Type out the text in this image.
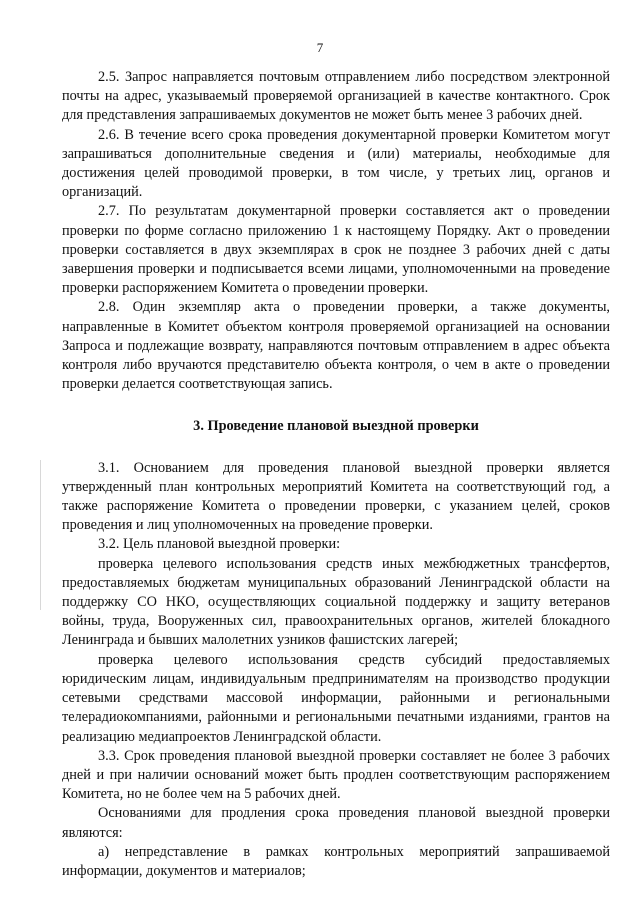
7

2.5. Запрос направляется почтовым отправлением либо посредством электронной почты на адрес, указываемый проверяемой организацией в качестве контактного. Срок для представления запрашиваемых документов не может быть менее 3 рабочих дней.

2.6. В течение всего срока проведения документарной проверки Комитетом могут запрашиваться дополнительные сведения и (или) материалы, необходимые для достижения целей проводимой проверки, в том числе, у третьих лиц, органов и организаций.

2.7. По результатам документарной проверки составляется акт о проведении проверки по форме согласно приложению 1 к настоящему Порядку. Акт о проведении проверки составляется в двух экземплярах в срок не позднее 3 рабочих дней с даты завершения проверки и подписывается всеми лицами, уполномоченными на проведение проверки распоряжением Комитета о проведении проверки.

2.8. Один экземпляр акта о проведении проверки, а также документы, направленные в Комитет объектом контроля проверяемой организацией на основании Запроса и подлежащие возврату, направляются почтовым отправлением в адрес объекта контроля либо вручаются представителю объекта контроля, о чем в акте о проведении проверки делается соответствующая запись.

3. Проведение плановой выездной проверки

3.1. Основанием для проведения плановой выездной проверки является утвержденный план контрольных мероприятий Комитета на соответствующий год, а также распоряжение Комитета о проведении проверки, с указанием целей, сроков проведения и лиц уполномоченных на проведение проверки.

3.2. Цель плановой выездной проверки:

проверка целевого использования средств иных межбюджетных трансфертов, предоставляемых бюджетам муниципальных образований Ленинградской области на поддержку СО НКО, осуществляющих социальной поддержку и защиту ветеранов войны, труда, Вооруженных сил, правоохранительных органов, жителей блокадного Ленинграда и бывших малолетних узников фашистских лагерей;

проверка целевого использования средств субсидий предоставляемых юридическим лицам, индивидуальным предпринимателям на производство продукции сетевыми средствами массовой информации, районными и региональными телерадиокомпаниями, районными и региональными печатными изданиями, грантов на реализацию медиапроектов Ленинградской области.

3.3. Срок проведения плановой выездной проверки составляет не более 3 рабочих дней и при наличии оснований может быть продлен соответствующим распоряжением Комитета, но не более чем на 5 рабочих дней.

Основаниями для продления срока проведения плановой выездной проверки являются:

а) непредставление в рамках контрольных мероприятий запрашиваемой информации, документов и материалов;
